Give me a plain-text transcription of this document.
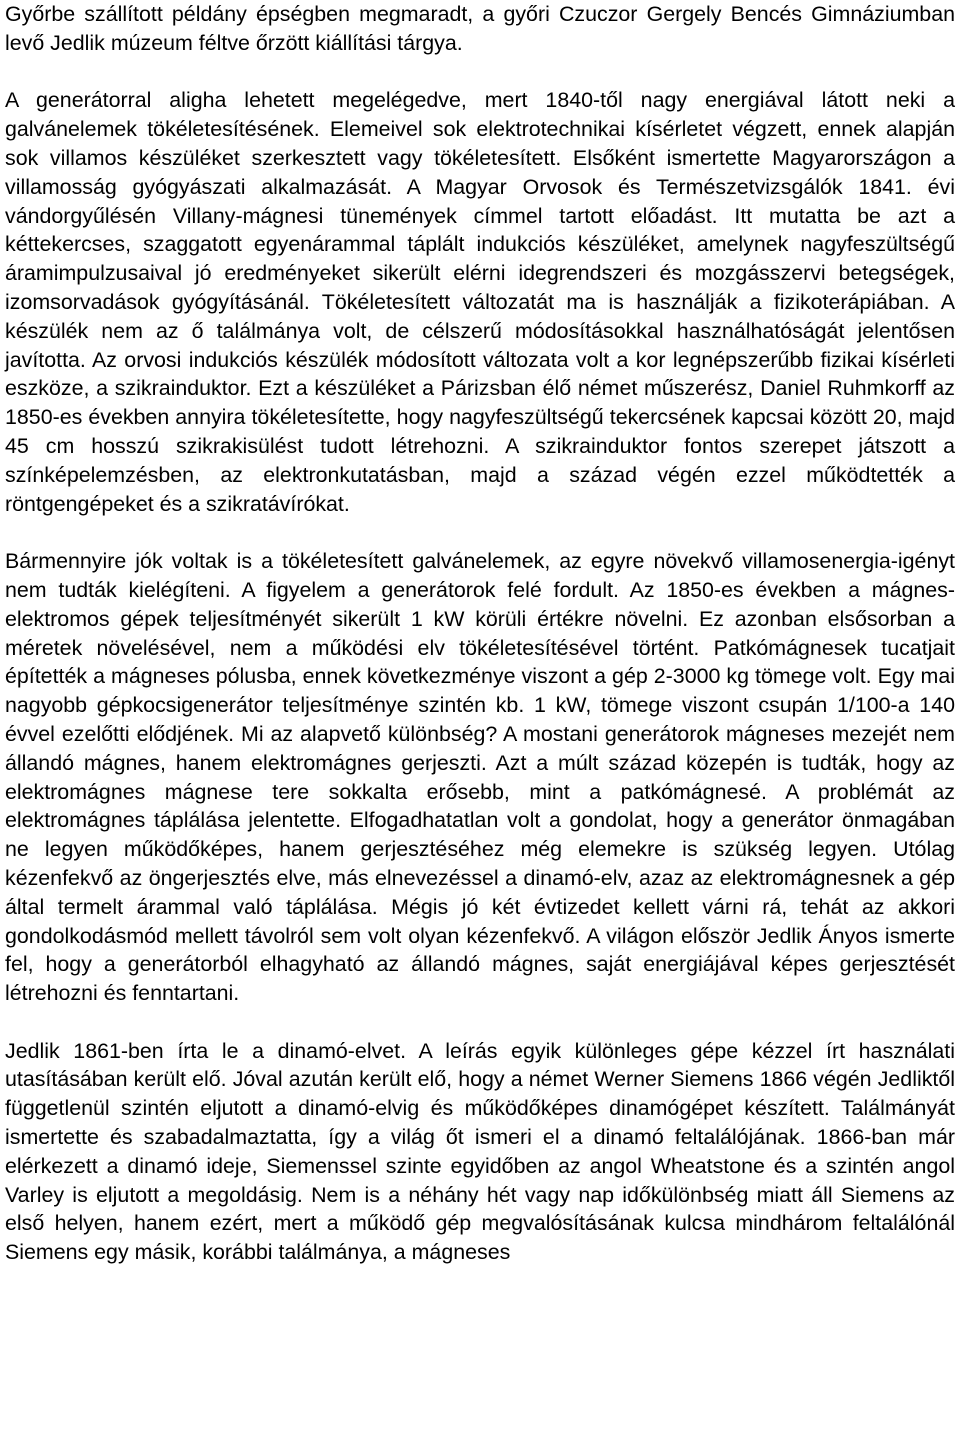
Győrbe szállított példány épségben megmaradt, a győri Czuczor Gergely Bencés Gimnáziumban levő Jedlik múzeum féltve őrzött kiállítási tárgya.

A generátorral aligha lehetett megelégedve, mert 1840-től nagy energiával látott neki a galvánelemek tökéletesítésének. Elemeivel sok elektrotechnikai kísérletet végzett, ennek alapján sok villamos készüléket szerkesztett vagy tökéletesített. Elsőként ismertette Magyarországon a villamosság gyógyászati alkalmazását. A Magyar Orvosok és Természetvizsgálók 1841. évi vándorgyűlésén Villany-mágnesi tünemények címmel tartott előadást. Itt mutatta be azt a kéttekercses, szaggatott egyenárammal táplált indukciós készüléket, amelynek nagyfeszültségű áramimpulzusaival jó eredményeket sikerült elérni idegrendszeri és mozgásszervi betegségek, izomsorvadások gyógyításánál. Tökéletesített változatát ma is használják a fizikoterápiában. A készülék nem az ő találmánya volt, de célszerű módosításokkal használhatóságát jelentősen javította. Az orvosi indukciós készülék módosított változata volt a kor legnépszerűbb fizikai kísérleti eszköze, a szikrainduktor. Ezt a készüléket a Párizsban élő német műszerész, Daniel Ruhmkorff az 1850-es években annyira tökéletesítette, hogy nagyfeszültségű tekercsének kapcsai között 20, majd 45 cm hosszú szikrakisülést tudott létrehozni. A szikrainduktor fontos szerepet játszott a színképelemzésben, az elektronkutatásban, majd a század végén ezzel működtették a röntgengépeket és a szikratávírókat.

Bármennyire jók voltak is a tökéletesített galvánelemek, az egyre növekvő villamosenergia-igényt nem tudták kielégíteni. A figyelem a generátorok felé fordult. Az 1850-es években a mágnes-elektromos gépek teljesítményét sikerült 1 kW körüli értékre növelni. Ez azonban elsősorban a méretek növelésével, nem a működési elv tökéletesítésével történt. Patkómágnesek tucatjait építették a mágneses pólusba, ennek következménye viszont a gép 2-3000 kg tömege volt. Egy mai nagyobb gépkocsigenerátor teljesítménye szintén kb. 1 kW, tömege viszont csupán 1/100-a 140 évvel ezelőtti elődjének. Mi az alapvető különbség? A mostani generátorok mágneses mezejét nem állandó mágnes, hanem elektromágnes gerjeszti. Azt a múlt század közepén is tudták, hogy az elektromágnes mágnese tere sokkalta erősebb, mint a patkómágnesé. A problémát az elektromágnes táplálása jelentette. Elfogadhatatlan volt a gondolat, hogy a generátor önmagában ne legyen működőképes, hanem gerjesztéséhez még elemekre is szükség legyen. Utólag kézenfekvő az öngerjesztés elve, más elnevezéssel a dinamó-elv, azaz az elektromágnesnek a gép által termelt árammal való táplálása. Mégis jó két évtizedet kellett várni rá, tehát az akkori gondolkodásmód mellett távolról sem volt olyan kézenfekvő. A világon először Jedlik Ányos ismerte fel, hogy a generátorból elhagyható az állandó mágnes, saját energiájával képes gerjesztését létrehozni és fenntartani.

Jedlik 1861-ben írta le a dinamó-elvet. A leírás egyik különleges gépe kézzel írt használati utasításában került elő. Jóval azután került elő, hogy a német Werner Siemens 1866 végén Jedliktől függetlenül szintén eljutott a dinamó-elvig és működőképes dinamógépet készített. Találmányát ismertette és szabadalmaztatta, így a világ őt ismeri el a dinamó feltalálójának. 1866-ban már elérkezett a dinamó ideje, Siemenssel szinte egyidőben az angol Wheatstone és a szintén angol Varley is eljutott a megoldásig. Nem is a néhány hét vagy nap időkülönbség miatt áll Siemens az első helyen, hanem ezért, mert a működő gép megvalósításának kulcsa mindhárom feltalálónál Siemens egy másik, korábbi találmánya, a mágneses
